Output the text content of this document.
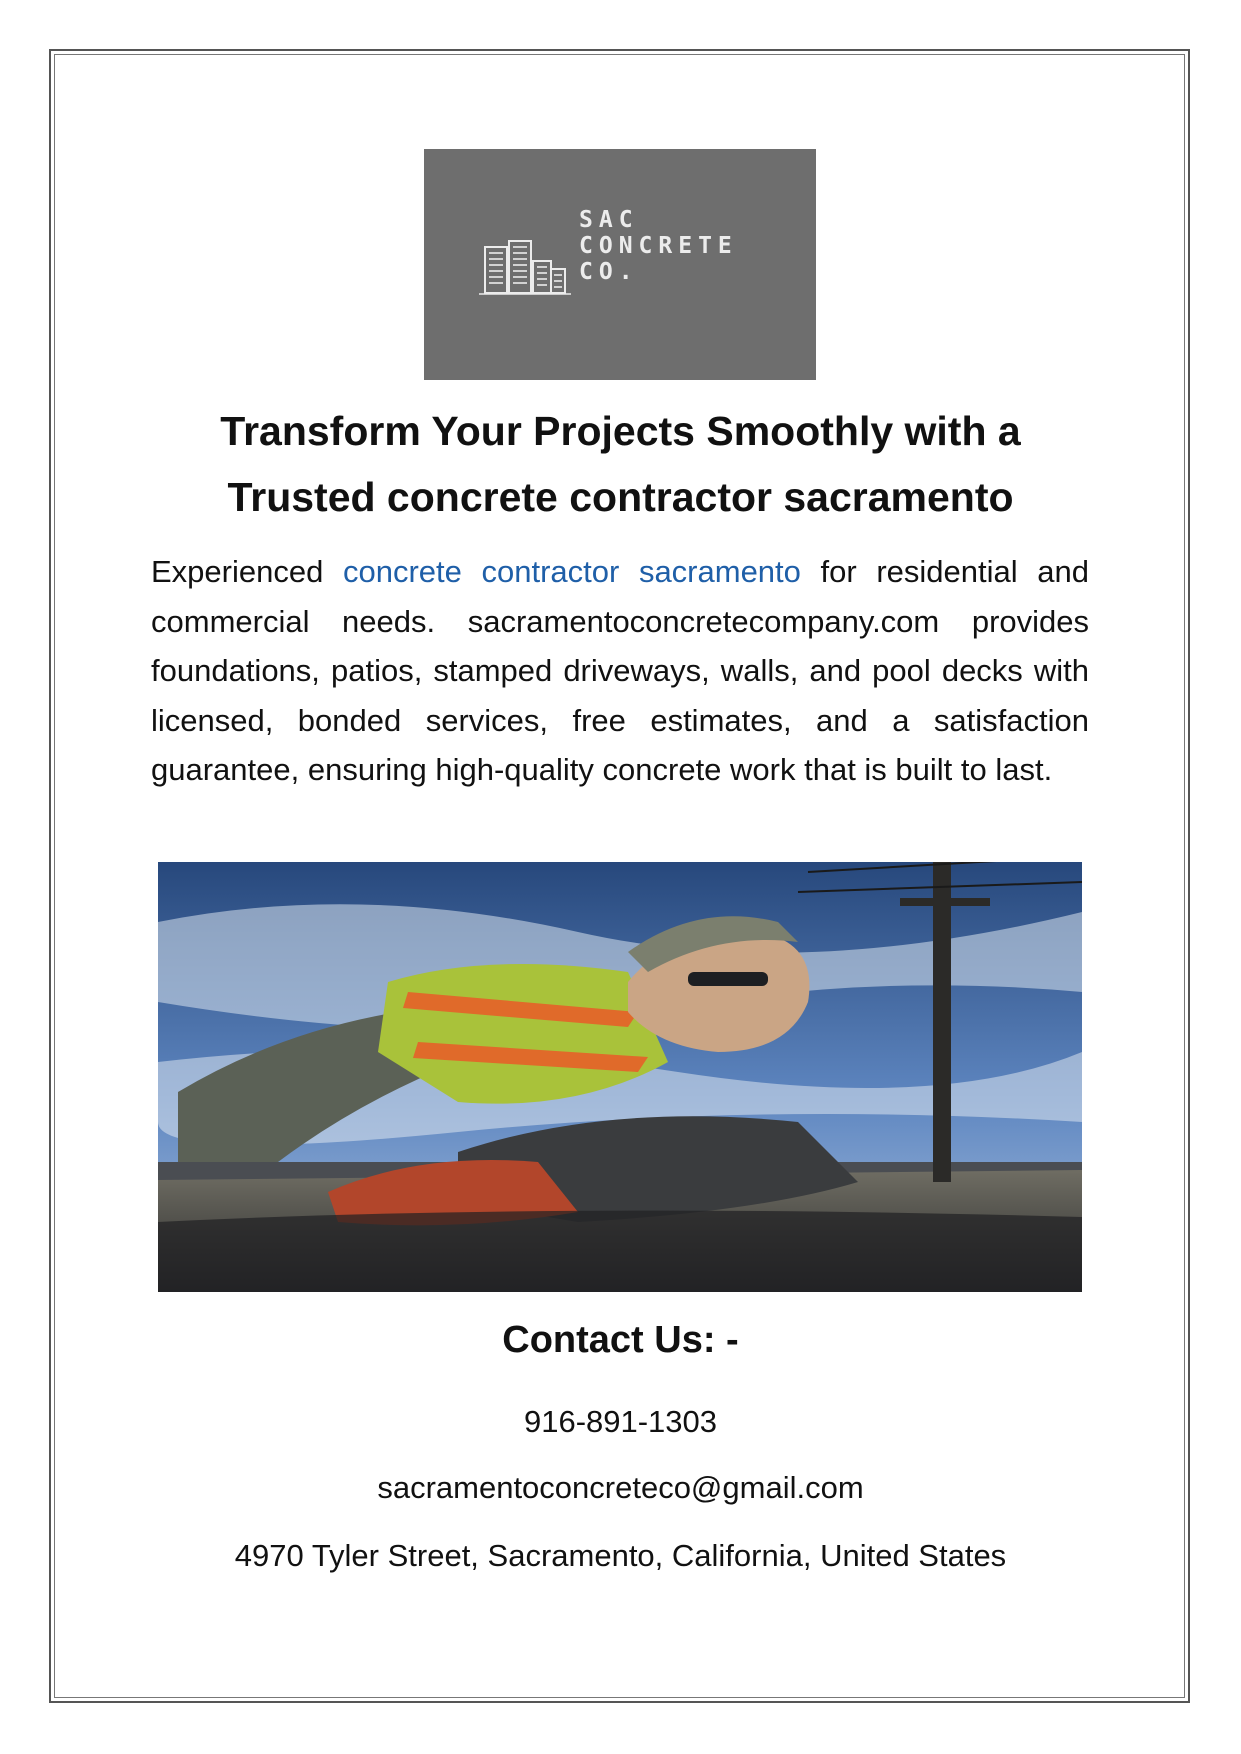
SAC
CONCRETE
CO.
Transform Your Projects Smoothly with a
Trusted concrete contractor sacramento

Experienced concrete contractor sacramento for residential and commercial needs. sacramentoconcretecompany.com provides foundations, patios, stamped driveways, walls, and pool decks with licensed, bonded services, free estimates, and a satisfaction guarantee, ensuring high-quality concrete work that is built to last.

Contact Us: -

916-891-1303

sacramentoconcreteco@gmail.com

4970 Tyler Street, Sacramento, California, United States
